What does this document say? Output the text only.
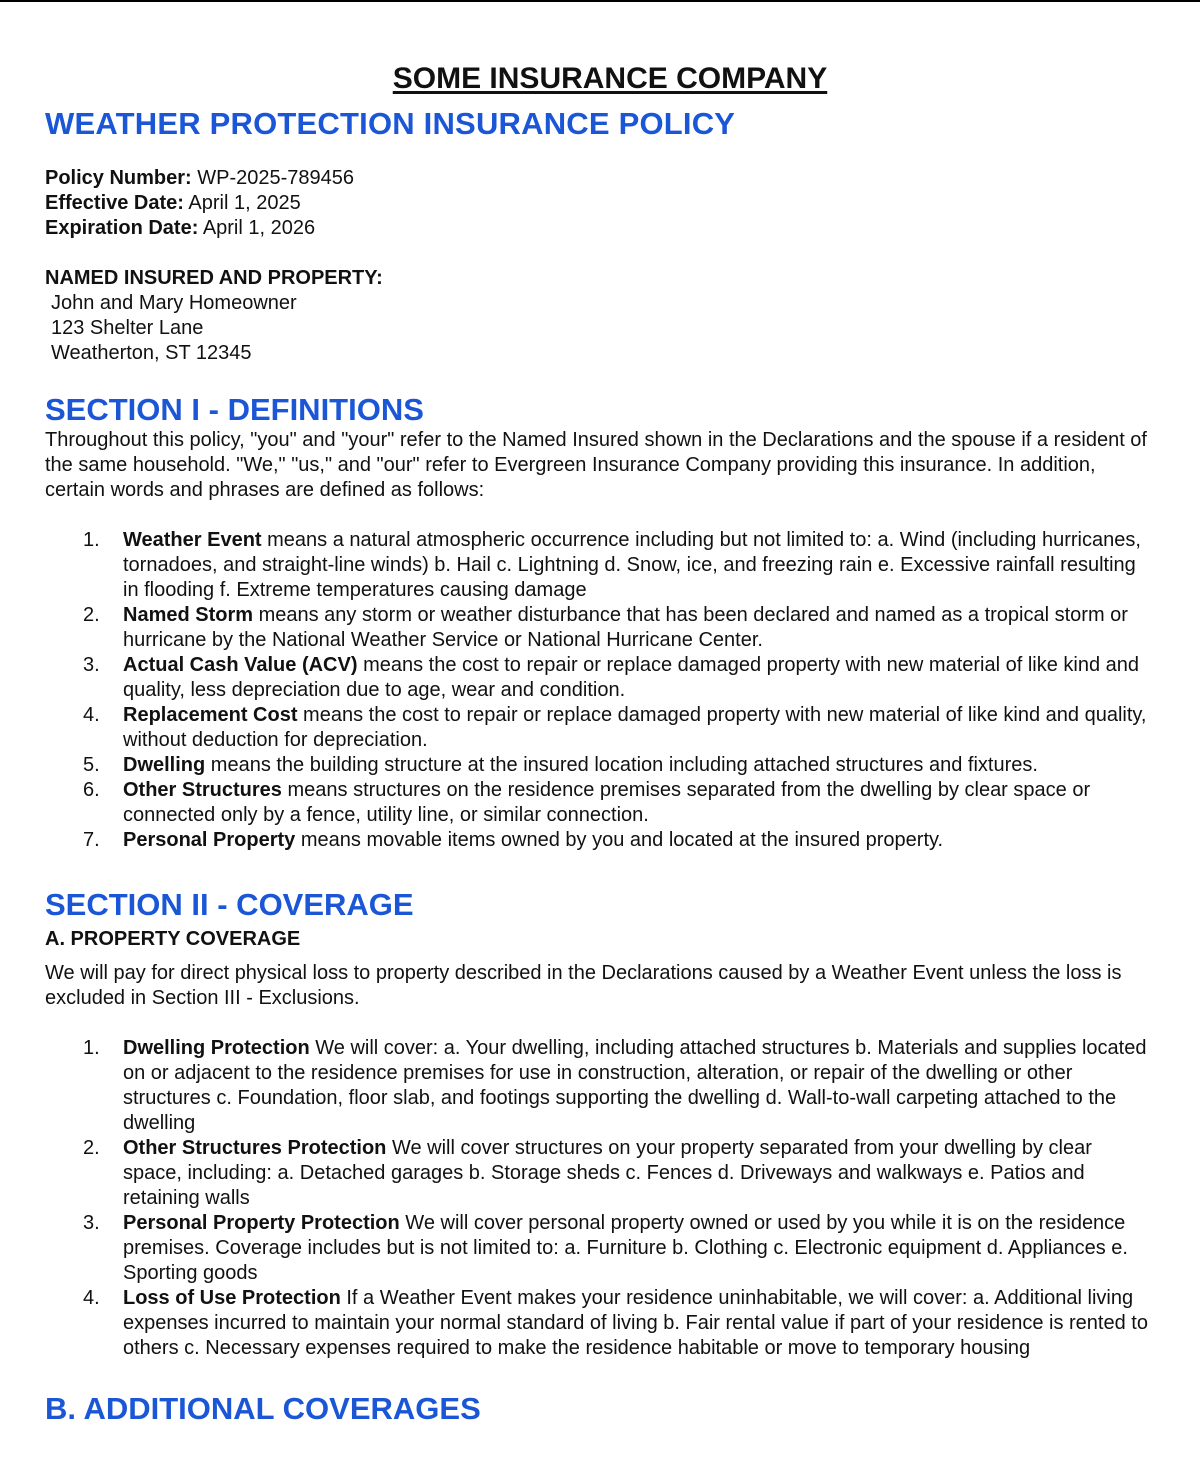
SOME INSURANCE COMPANY
WEATHER PROTECTION INSURANCE POLICY

Policy Number: WP-2025-789456

Effective Date: April 1, 2025

Expiration Date: April 1, 2026

NAMED INSURED AND PROPERTY:
John and Mary Homeowner
123 Shelter Lane
Weatherton, ST 12345
SECTION I - DEFINITIONS

Throughout this policy, "you" and "your" refer to the Named Insured shown in the Declarations and the spouse if a resident of the same household. "We," "us," and "our" refer to Evergreen Insurance Company providing this insurance. In addition, certain words and phrases are defined as follows:

1. Weather Event means a natural atmospheric occurrence including but not limited to: a. Wind (including hurricanes, tornadoes, and straight-line winds) b. Hail c. Lightning d. Snow, ice, and freezing rain e. Excessive rainfall resulting in flooding f. Extreme temperatures causing damage
2. Named Storm means any storm or weather disturbance that has been declared and named as a tropical storm or hurricane by the National Weather Service or National Hurricane Center.
3. Actual Cash Value (ACV) means the cost to repair or replace damaged property with new material of like kind and quality, less depreciation due to age, wear and condition.
4. Replacement Cost means the cost to repair or replace damaged property with new material of like kind and quality, without deduction for depreciation.
5. Dwelling means the building structure at the insured location including attached structures and fixtures.
6. Other Structures means structures on the residence premises separated from the dwelling by clear space or connected only by a fence, utility line, or similar connection.
7. Personal Property means movable items owned by you and located at the insured property.
SECTION II - COVERAGE
A. PROPERTY COVERAGE

We will pay for direct physical loss to property described in the Declarations caused by a Weather Event unless the loss is excluded in Section III - Exclusions.

1. Dwelling Protection We will cover: a. Your dwelling, including attached structures b. Materials and supplies located on or adjacent to the residence premises for use in construction, alteration, or repair of the dwelling or other structures c. Foundation, floor slab, and footings supporting the dwelling d. Wall-to-wall carpeting attached to the dwelling
2. Other Structures Protection We will cover structures on your property separated from your dwelling by clear space, including: a. Detached garages b. Storage sheds c. Fences d. Driveways and walkways e. Patios and retaining walls
3. Personal Property Protection We will cover personal property owned or used by you while it is on the residence premises. Coverage includes but is not limited to: a. Furniture b. Clothing c. Electronic equipment d. Appliances e. Sporting goods
4. Loss of Use Protection If a Weather Event makes your residence uninhabitable, we will cover: a. Additional living expenses incurred to maintain your normal standard of living b. Fair rental value if part of your residence is rented to others c. Necessary expenses required to make the residence habitable or move to temporary housing
B. ADDITIONAL COVERAGES
